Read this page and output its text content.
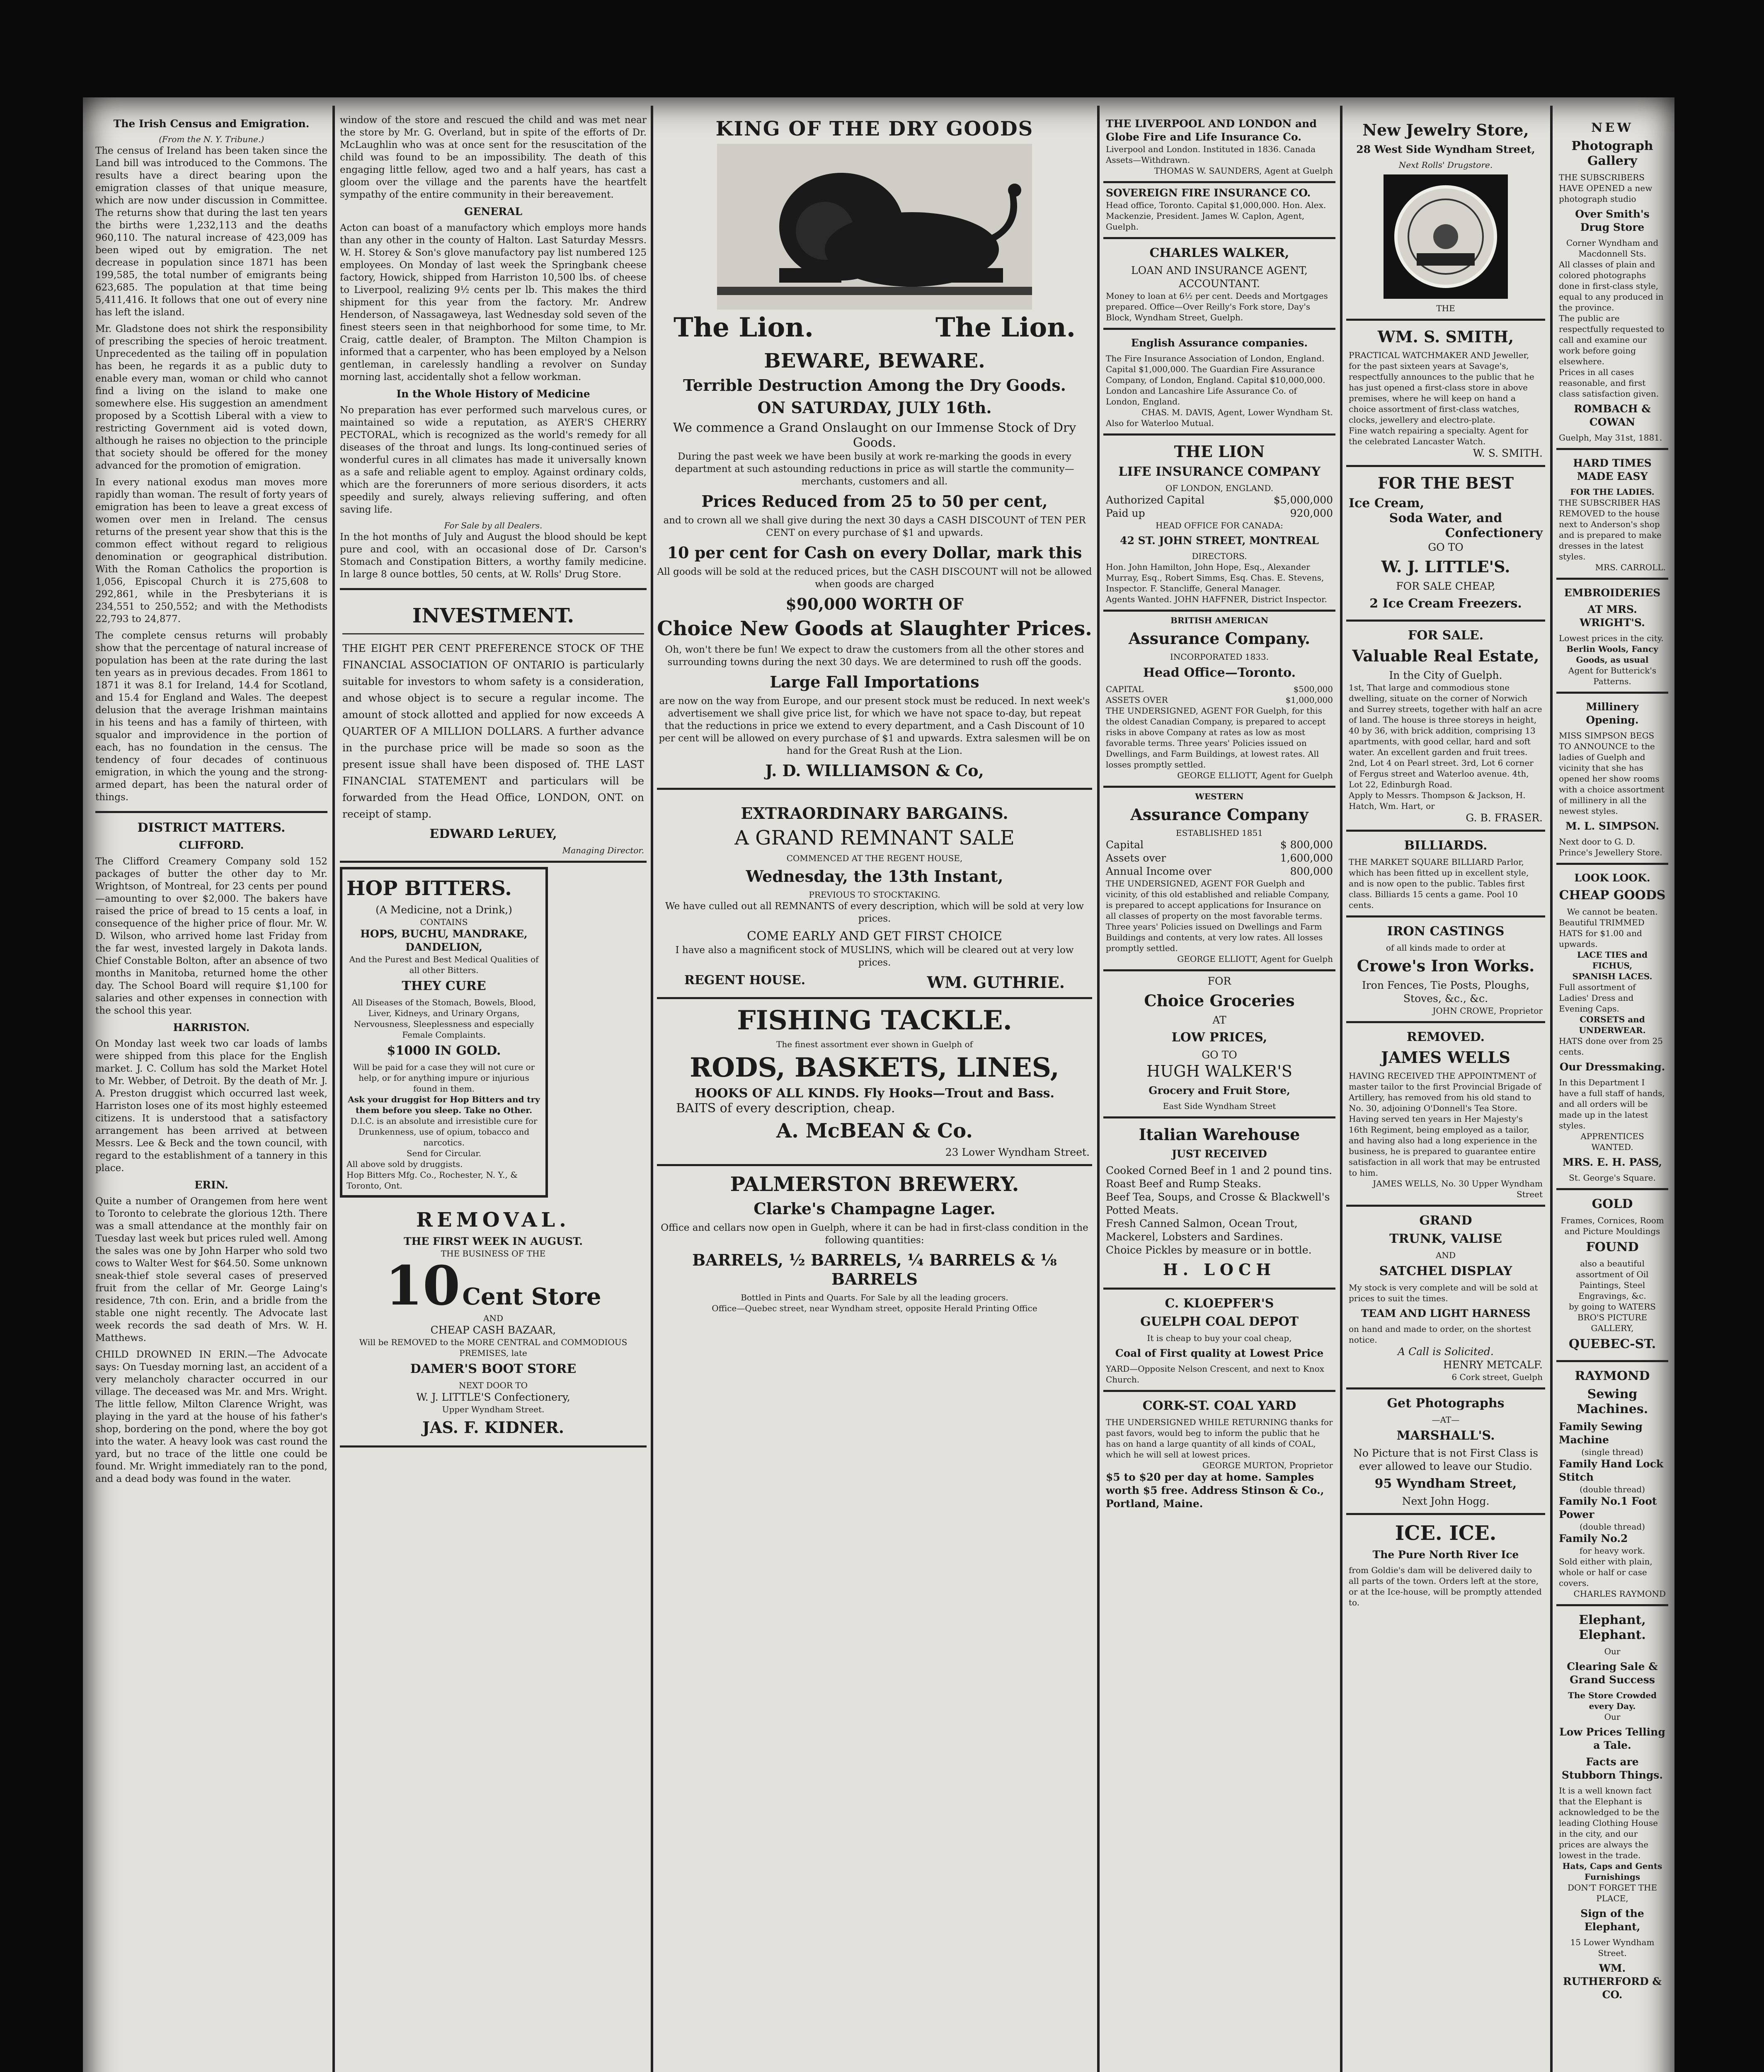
The Irish Census and Emigration.
(From the N. Y. Tribune.)

The census of Ireland has been taken since the Land bill was introduced to the Commons. The results have a direct bearing upon the emigration classes of that unique measure, which are now under discussion in Committee. The returns show that during the last ten years the births were 1,232,113 and the deaths 960,110. The natural increase of 423,009 has been wiped out by emigration. The net decrease in population since 1871 has been 199,585, the total number of emigrants being 623,685. The population at that time being 5,411,416. It follows that one out of every nine has left the island.

Mr. Gladstone does not shirk the responsibility of prescribing the species of heroic treatment. Unprecedented as the tailing off in population has been, he regards it as a public duty to enable every man, woman or child who cannot find a living on the island to make one somewhere else. His suggestion an amendment proposed by a Scottish Liberal with a view to restricting Government aid is voted down, although he raises no objection to the principle that society should be offered for the money advanced for the promotion of emigration.

In every national exodus man moves more rapidly than woman. The result of forty years of emigration has been to leave a great excess of women over men in Ireland. The census returns of the present year show that this is the common effect without regard to religious denomination or geographical distribution. With the Roman Catholics the proportion is 1,056, Episcopal Church it is 275,608 to 292,861, while in the Presbyterians it is 234,551 to 250,552; and with the Methodists 22,793 to 24,877.

The complete census returns will probably show that the percentage of natural increase of population has been at the rate during the last ten years as in previous decades. From 1861 to 1871 it was 8.1 for Ireland, 14.4 for Scotland, and 15.4 for England and Wales. The deepest delusion that the average Irishman maintains in his teens and has a family of thirteen, with squalor and improvidence in the portion of each, has no foundation in the census. The tendency of four decades of continuous emigration, in which the young and the strong-armed depart, has been the natural order of things.

DISTRICT MATTERS.
CLIFFORD.

The Clifford Creamery Company sold 152 packages of butter the other day to Mr. Wrightson, of Montreal, for 23 cents per pound—amounting to over $2,000. The bakers have raised the price of bread to 15 cents a loaf, in consequence of the higher price of flour. Mr. W. D. Wilson, who arrived home last Friday from the far west, invested largely in Dakota lands. Chief Constable Bolton, after an absence of two months in Manitoba, returned home the other day. The School Board will require $1,100 for salaries and other expenses in connection with the school this year.

HARRISTON.

On Monday last week two car loads of lambs were shipped from this place for the English market. J. C. Collum has sold the Market Hotel to Mr. Webber, of Detroit. By the death of Mr. J. A. Preston druggist which occurred last week, Harriston loses one of its most highly esteemed citizens. It is understood that a satisfactory arrangement has been arrived at between Messrs. Lee & Beck and the town council, with regard to the establishment of a tannery in this place.

ERIN.

Quite a number of Orangemen from here went to Toronto to celebrate the glorious 12th. There was a small attendance at the monthly fair on Tuesday last week but prices ruled well. Among the sales was one by John Harper who sold two cows to Walter West for $64.50. Some unknown sneak-thief stole several cases of preserved fruit from the cellar of Mr. George Laing's residence, 7th con. Erin, and a bridle from the stable one night recently. The Advocate last week records the sad death of Mrs. W. H. Matthews.

CHILD DROWNED IN ERIN.—The Advocate says: On Tuesday morning last, an accident of a very melancholy character occurred in our village. The deceased was Mr. and Mrs. Wright. The little fellow, Milton Clarence Wright, was playing in the yard at the house of his father's shop, bordering on the pond, where the boy got into the water. A heavy look was cast round the yard, but no trace of the little one could be found. Mr. Wright immediately ran to the pond, and a dead body was found in the water.

window of the store and rescued the child and was met near the store by Mr. G. Overland, but in spite of the efforts of Dr. McLaughlin who was at once sent for the resuscitation of the child was found to be an impossibility. The death of this engaging little fellow, aged two and a half years, has cast a gloom over the village and the parents have the heartfelt sympathy of the entire community in their bereavement.

GENERAL

Acton can boast of a manufactory which employs more hands than any other in the county of Halton. Last Saturday Messrs. W. H. Storey & Son's glove manufactory pay list numbered 125 employees. On Monday of last week the Springbank cheese factory, Howick, shipped from Harriston 10,500 lbs. of cheese to Liverpool, realizing 9½ cents per lb. This makes the third shipment for this year from the factory. Mr. Andrew Henderson, of Nassagaweya, last Wednesday sold seven of the finest steers seen in that neighborhood for some time, to Mr. Craig, cattle dealer, of Brampton. The Milton Champion is informed that a carpenter, who has been employed by a Nelson gentleman, in carelessly handling a revolver on Sunday morning last, accidentally shot a fellow workman.

In the Whole History of Medicine

No preparation has ever performed such marvelous cures, or maintained so wide a reputation, as AYER'S CHERRY PECTORAL, which is recognized as the world's remedy for all diseases of the throat and lungs. Its long-continued series of wonderful cures in all climates has made it universally known as a safe and reliable agent to employ. Against ordinary colds, which are the forerunners of more serious disorders, it acts speedily and surely, always relieving suffering, and often saving life.

For Sale by all Dealers.

In the hot months of July and August the blood should be kept pure and cool, with an occasional dose of Dr. Carson's Stomach and Constipation Bitters, a worthy family medicine. In large 8 ounce bottles, 50 cents, at W. Rolls' Drug Store.

INVESTMENT.

THE EIGHT PER CENT PREFERENCE STOCK OF THE FINANCIAL ASSOCIATION OF ONTARIO is particularly suitable for investors to whom safety is a consideration, and whose object is to secure a regular income. The amount of stock allotted and applied for now exceeds A QUARTER OF A MILLION DOLLARS. A further advance in the purchase price will be made so soon as the present issue shall have been disposed of. THE LAST FINANCIAL STATEMENT and particulars will be forwarded from the Head Office, LONDON, ONT. on receipt of stamp.

EDWARD LeRUEY,
Managing Director.
HOP BITTERS.
(A Medicine, not a Drink,)
CONTAINS
HOPS, BUCHU, MANDRAKE, DANDELION,
And the Purest and Best Medical Qualities of all other Bitters.
THEY CURE
All Diseases of the Stomach, Bowels, Blood, Liver, Kidneys, and Urinary Organs, Nervousness, Sleeplessness and especially Female Complaints.
$1000 IN GOLD.
Will be paid for a case they will not cure or help, or for anything impure or injurious found in them.
Ask your druggist for Hop Bitters and try them before you sleep. Take no Other.
D.I.C. is an absolute and irresistible cure for Drunkenness, use of opium, tobacco and narcotics.
Send for Circular.
All above sold by druggists.
Hop Bitters Mfg. Co., Rochester, N. Y., & Toronto, Ont.
REMOVAL.
THE FIRST WEEK IN AUGUST.
THE BUSINESS OF THE
10 Cent Store
AND
CHEAP CASH BAZAAR,
Will be REMOVED to the MORE CENTRAL and COMMODIOUS PREMISES, late
DAMER'S BOOT STORE
NEXT DOOR TO
W. J. LITTLE'S Confectionery,
Upper Wyndham Street.
JAS. F. KIDNER.
KING OF THE DRY GOODS
The Lion.	The Lion.
BEWARE, BEWARE.
Terrible Destruction Among the Dry Goods.
ON SATURDAY, JULY 16th.
We commence a Grand Onslaught on our Immense Stock of Dry Goods.

During the past week we have been busily at work re-marking the goods in every department at such astounding reductions in price as will startle the community—merchants, customers and all.

Prices Reduced from 25 to 50 per cent,

and to crown all we shall give during the next 30 days a CASH DISCOUNT of TEN PER CENT on every purchase of $1 and upwards.

10 per cent for Cash on every Dollar, mark this

All goods will be sold at the reduced prices, but the CASH DISCOUNT will not be allowed when goods are charged

$90,000 WORTH OF
Choice New Goods at Slaughter Prices.

Oh, won't there be fun! We expect to draw the customers from all the other stores and surrounding towns during the next 30 days. We are determined to rush off the goods.

Large Fall Importations

are now on the way from Europe, and our present stock must be reduced. In next week's advertisement we shall give price list, for which we have not space to-day, but repeat that the reductions in price we extend to every department, and a Cash Discount of 10 per cent will be allowed on every purchase of $1 and upwards. Extra salesmen will be on hand for the Great Rush at the Lion.

J. D. WILLIAMSON & Co,
EXTRAORDINARY BARGAINS.
A GRAND REMNANT SALE
COMMENCED AT THE REGENT HOUSE,
Wednesday, the 13th Instant,
PREVIOUS TO STOCKTAKING.

We have culled out all REMNANTS of every description, which will be sold at very low prices.

COME EARLY AND GET FIRST CHOICE

I have also a magnificent stock of MUSLINS, which will be cleared out at very low prices.

REGENT HOUSE.	WM. GUTHRIE.
FISHING TACKLE.
The finest assortment ever shown in Guelph of
RODS, BASKETS, LINES,
HOOKS OF ALL KINDS. Fly Hooks—Trout and Bass.
BAITS of every description, cheap.
A. McBEAN & Co.
23 Lower Wyndham Street.
PALMERSTON BREWERY.
Clarke's Champagne Lager.

Office and cellars now open in Guelph, where it can be had in first-class condition in the following quantities:

BARRELS, ½ BARRELS, ¼ BARRELS & ⅛ BARRELS
Bottled in Pints and Quarts. For Sale by all the leading grocers.
Office—Quebec street, near Wyndham street, opposite Herald Printing Office
THE LIVERPOOL AND LONDON and Globe Fire and Life Insurance Co.
Liverpool and London. Instituted in 1836. Canada Assets—Withdrawn.
THOMAS W. SAUNDERS, Agent at Guelph
SOVEREIGN FIRE INSURANCE CO.
Head office, Toronto. Capital $1,000,000. Hon. Alex. Mackenzie, President. James W. Caplon, Agent, Guelph.
CHARLES WALKER,
LOAN AND INSURANCE AGENT, ACCOUNTANT.
Money to loan at 6½ per cent. Deeds and Mortgages prepared. Office—Over Reilly's Fork store, Day's Block, Wyndham Street, Guelph.
English Assurance companies.
The Fire Insurance Association of London, England. Capital $1,000,000. The Guardian Fire Assurance Company, of London, England. Capital $10,000,000. London and Lancashire Life Assurance Co. of London, England.
CHAS. M. DAVIS, Agent, Lower Wyndham St.
Also for Waterloo Mutual.
THE LION
LIFE INSURANCE COMPANY
OF LONDON, ENGLAND.
Authorized Capital	$5,000,000
Paid up	920,000
HEAD OFFICE FOR CANADA:
42 ST. JOHN STREET, MONTREAL
DIRECTORS.
Hon. John Hamilton, John Hope, Esq., Alexander Murray, Esq., Robert Simms, Esq. Chas. E. Stevens, Inspector. F. Stancliffe, General Manager.
Agents Wanted. JOHN HAFFNER, District Inspector.
BRITISH AMERICAN
Assurance Company.
INCORPORATED 1833.
Head Office—Toronto.
CAPITAL	$500,000
ASSETS OVER	$1,000,000
THE UNDERSIGNED, AGENT FOR Guelph, for this the oldest Canadian Company, is prepared to accept risks in above Company at rates as low as most favorable terms. Three years' Policies issued on Dwellings, and Farm Buildings, at lowest rates. All losses promptly settled.
GEORGE ELLIOTT, Agent for Guelph
WESTERN
Assurance Company
ESTABLISHED 1851
Capital	$ 800,000
Assets over	1,600,000
Annual Income over	800,000
THE UNDERSIGNED, AGENT FOR Guelph and vicinity, of this old established and reliable Company, is prepared to accept applications for Insurance on all classes of property on the most favorable terms. Three years' Policies issued on Dwellings and Farm Buildings and contents, at very low rates. All losses promptly settled.
GEORGE ELLIOTT, Agent for Guelph
FOR
Choice Groceries
AT
LOW PRICES,
GO TO
HUGH WALKER'S
Grocery and Fruit Store,
East Side Wyndham Street
Italian Warehouse
JUST RECEIVED
Cooked Corned Beef in 1 and 2 pound tins.
Roast Beef and Rump Steaks.
Beef Tea, Soups, and Crosse & Blackwell's Potted Meats.
Fresh Canned Salmon, Ocean Trout, Mackerel, Lobsters and Sardines.
Choice Pickles by measure or in bottle.
H. LOCH
C. KLOEPFER'S
GUELPH COAL DEPOT
It is cheap to buy your coal cheap,
Coal of First quality at Lowest Price
YARD—Opposite Nelson Crescent, and next to Knox Church.
CORK-ST. COAL YARD
THE UNDERSIGNED WHILE RETURNING thanks for past favors, would beg to inform the public that he has on hand a large quantity of all kinds of COAL, which he will sell at lowest prices.
GEORGE MURTON, Proprietor
$5 to $20 per day at home. Samples worth $5 free. Address Stinson & Co., Portland, Maine.
New Jewelry Store,
28 West Side Wyndham Street,
Next Rolls' Drugstore.
THE
WM. S. SMITH,
PRACTICAL WATCHMAKER AND Jeweller, for the past sixteen years at Savage's, respectfully announces to the public that he has just opened a first-class store in above premises, where he will keep on hand a choice assortment of first-class watches, clocks, jewellery and electro-plate.
Fine watch repairing a specialty. Agent for the celebrated Lancaster Watch.
W. S. SMITH.
FOR THE BEST
Ice Cream,
Soda Water, and
Confectionery
GO TO
W. J. LITTLE'S.
FOR SALE CHEAP,
2 Ice Cream Freezers.
FOR SALE.
Valuable Real Estate,
In the City of Guelph.
1st, That large and commodious stone dwelling, situate on the corner of Norwich and Surrey streets, together with half an acre of land. The house is three storeys in height, 40 by 36, with brick addition, comprising 13 apartments, with good cellar, hard and soft water. An excellent garden and fruit trees. 2nd, Lot 4 on Pearl street. 3rd, Lot 6 corner of Fergus street and Waterloo avenue. 4th, Lot 22, Edinburgh Road.
Apply to Messrs. Thompson & Jackson, H. Hatch, Wm. Hart, or
G. B. FRASER.
BILLIARDS.
THE MARKET SQUARE BILLIARD Parlor, which has been fitted up in excellent style, and is now open to the public. Tables first class. Billiards 15 cents a game. Pool 10 cents.
IRON CASTINGS
of all kinds made to order at
Crowe's Iron Works.
Iron Fences, Tie Posts, Ploughs, Stoves, &c., &c.
JOHN CROWE, Proprietor
REMOVED.
JAMES WELLS
HAVING RECEIVED THE APPOINTMENT of master tailor to the first Provincial Brigade of Artillery, has removed from his old stand to No. 30, adjoining O'Donnell's Tea Store. Having served ten years in Her Majesty's 16th Regiment, being employed as a tailor, and having also had a long experience in the business, he is prepared to guarantee entire satisfaction in all work that may be entrusted to him.
JAMES WELLS, No. 30 Upper Wyndham Street
GRAND
TRUNK, VALISE
AND
SATCHEL DISPLAY
My stock is very complete and will be sold at prices to suit the times.
TEAM AND LIGHT HARNESS
on hand and made to order, on the shortest notice.
A Call is Solicited.
HENRY METCALF.
6 Cork street, Guelph
Get Photographs
—AT—
MARSHALL'S.
No Picture that is not First Class is ever allowed to leave our Studio.
95 Wyndham Street,
Next John Hogg.
ICE. ICE.
The Pure North River Ice
from Goldie's dam will be delivered daily to all parts of the town. Orders left at the store, or at the Ice-house, will be promptly attended to.
NEW
Photograph Gallery
THE SUBSCRIBERS HAVE OPENED a new photograph studio
Over Smith's Drug Store
Corner Wyndham and Macdonnell Sts.
All classes of plain and colored photographs done in first-class style, equal to any produced in the province.
The public are respectfully requested to call and examine our work before going elsewhere.
Prices in all cases reasonable, and first class satisfaction given.
ROMBACH & COWAN
Guelph, May 31st, 1881.
HARD TIMES MADE EASY
FOR THE LADIES.
THE SUBSCRIBER HAS REMOVED to the house next to Anderson's shop and is prepared to make dresses in the latest styles.
MRS. CARROLL.
EMBROIDERIES
AT MRS. WRIGHT'S.
Lowest prices in the city.
Berlin Wools, Fancy Goods, as usual
Agent for Butterick's Patterns.
Millinery Opening.
MISS SIMPSON BEGS TO ANNOUNCE to the ladies of Guelph and vicinity that she has opened her show rooms with a choice assortment of millinery in all the newest styles.
M. L. SIMPSON.
Next door to G. D. Prince's Jewellery Store.
LOOK LOOK.
CHEAP GOODS
We cannot be beaten.
Beautiful TRIMMED HATS for $1.00 and upwards.
LACE TIES and FICHUS,
SPANISH LACES.
Full assortment of Ladies' Dress and Evening Caps.
CORSETS and UNDERWEAR.
HATS done over from 25 cents.
Our Dressmaking.
In this Department I have a full staff of hands, and all orders will be made up in the latest styles.
APPRENTICES WANTED.
MRS. E. H. PASS,
St. George's Square.
GOLD
Frames, Cornices, Room and Picture Mouldings
FOUND
also a beautiful assortment of Oil Paintings, Steel Engravings, &c.
by going to WATERS BRO'S PICTURE GALLERY,
QUEBEC-ST.
RAYMOND
Sewing Machines.
Family Sewing Machine
(single thread)
Family Hand Lock Stitch
(double thread)
Family No.1 Foot Power
(double thread)
Family No.2
for heavy work.
Sold either with plain, whole or half or case covers.
CHARLES RAYMOND
Elephant, Elephant.
Our
Clearing Sale & Grand Success
The Store Crowded every Day.
Our
Low Prices Telling a Tale.
Facts are Stubborn Things.
It is a well known fact that the Elephant is acknowledged to be the leading Clothing House in the city, and our prices are always the lowest in the trade.
Hats, Caps and Gents Furnishings
DON'T FORGET THE PLACE,
Sign of the Elephant,
15 Lower Wyndham Street.
WM. RUTHERFORD & CO.
